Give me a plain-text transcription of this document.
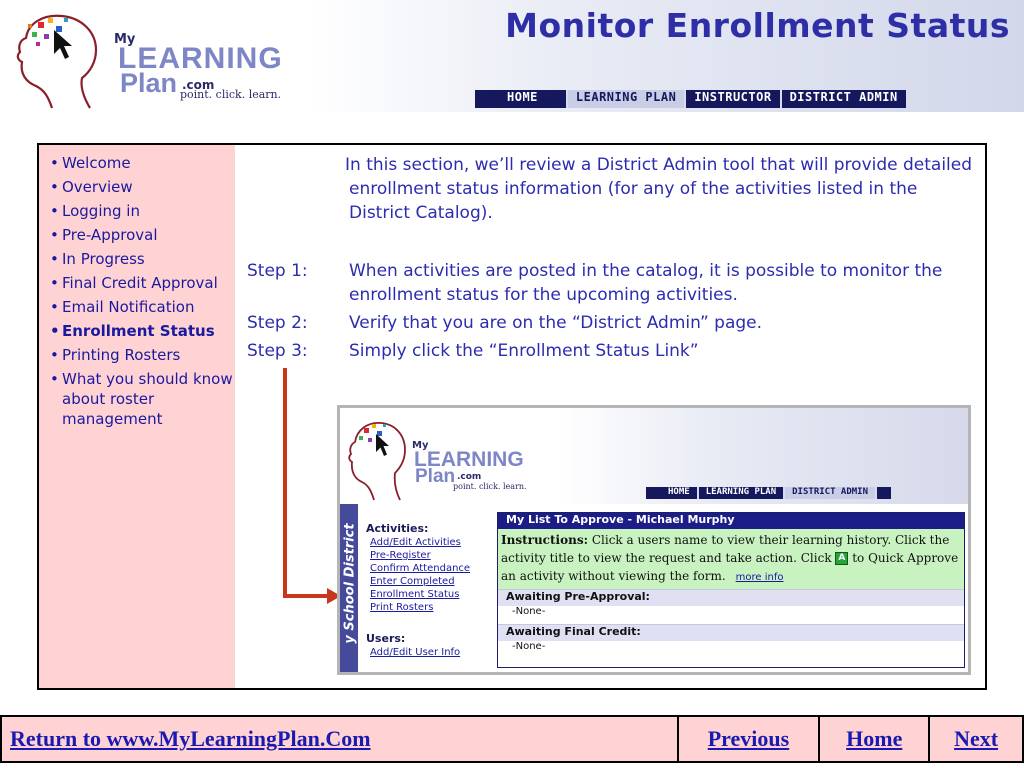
My
LEARNING
Plan .com
point. click. learn.
Monitor Enrollment Status
HOME	LEARNING PLAN	INSTRUCTOR	DISTRICT ADMIN
• Welcome
• Overview
• Logging in
• Pre-Approval
• In Progress
• Final Credit Approval
• Email Notification
• Enrollment Status
• Printing Rosters
• What you should know about roster management
In this section, we’ll review a District Admin tool that will provide detailed enrollment status information (for any of the activities listed in the District Catalog).
Step 1:	When activities are posted in the catalog, it is possible to monitor the enrollment status for the upcoming activities.
Step 2:	Verify that you are on the “District Admin” page.
Step 3:	Simply click the “Enrollment Status Link”
My
LEARNING
Plan .com
point. click. learn.
HOME	LEARNING PLAN	DISTRICT ADMIN
y School District Activities:
Add/Edit Activities
Pre-Register
Confirm Attendance
Enter Completed
Enrollment Status
Print Rosters
Users:
Add/Edit User Info
My List To Approve - Michael Murphy
Instructions: Click a users name to view their learning history. Click the activity title to view the request and take action. Click A to Quick Approve an activity without viewing the form. more info
Awaiting Pre-Approval:
-None-
Awaiting Final Credit:
-None-
Return to www.MyLearningPlan.Com	Previous	Home	Next
